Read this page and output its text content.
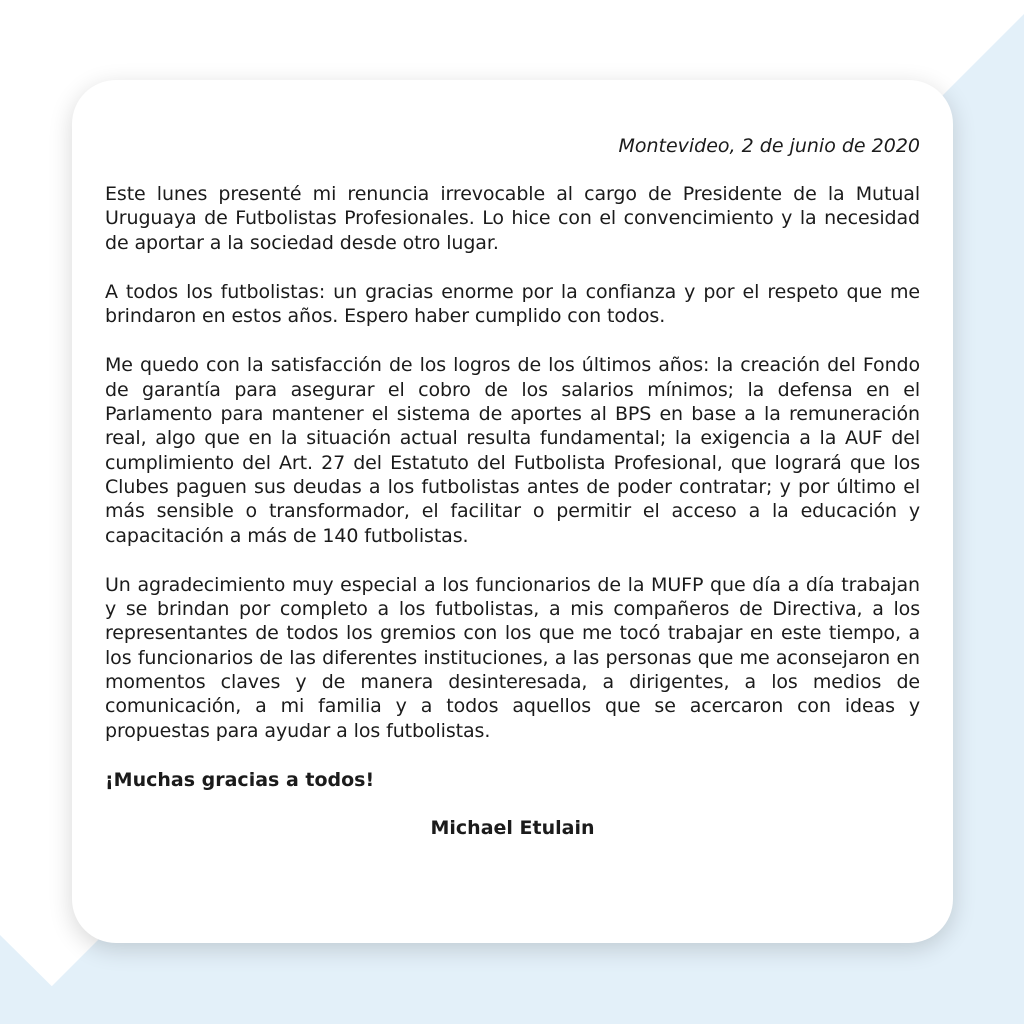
Montevideo, 2 de junio de 2020

Este lunes presenté mi renuncia irrevocable al cargo de Presidente de la Mutual Uruguaya de Futbolistas Profesionales. Lo hice con el convencimiento y la necesidad de aportar a la sociedad desde otro lugar.

A todos los futbolistas: un gracias enorme por la confianza y por el respeto que me brindaron en estos años. Espero haber cumplido con todos.

Me quedo con la satisfacción de los logros de los últimos años: la creación del Fondo de garantía para asegurar el cobro de los salarios mínimos; la defensa en el Parlamento para mantener el sistema de aportes al BPS en base a la remuneración real, algo que en la situación actual resulta fundamental; la exigencia a la AUF del cumplimiento del Art. 27 del Estatuto del Futbolista Profesional, que logrará que los Clubes paguen sus deudas a los futbolistas antes de poder contratar; y por último el más sensible o transformador, el facilitar o permitir el acceso a la educación y capacitación a más de 140 futbolistas.

Un agradecimiento muy especial a los funcionarios de la MUFP que día a día trabajan y se brindan por completo a los futbolistas, a mis compañeros de Directiva, a los representantes de todos los gremios con los que me tocó trabajar en este tiempo, a los funcionarios de las diferentes instituciones, a las personas que me aconsejaron en momentos claves y de manera desinteresada, a dirigentes, a los medios de comunicación, a mi familia y a todos aquellos que se acercaron con ideas y propuestas para ayudar a los futbolistas.

¡Muchas gracias a todos!

Michael Etulain
